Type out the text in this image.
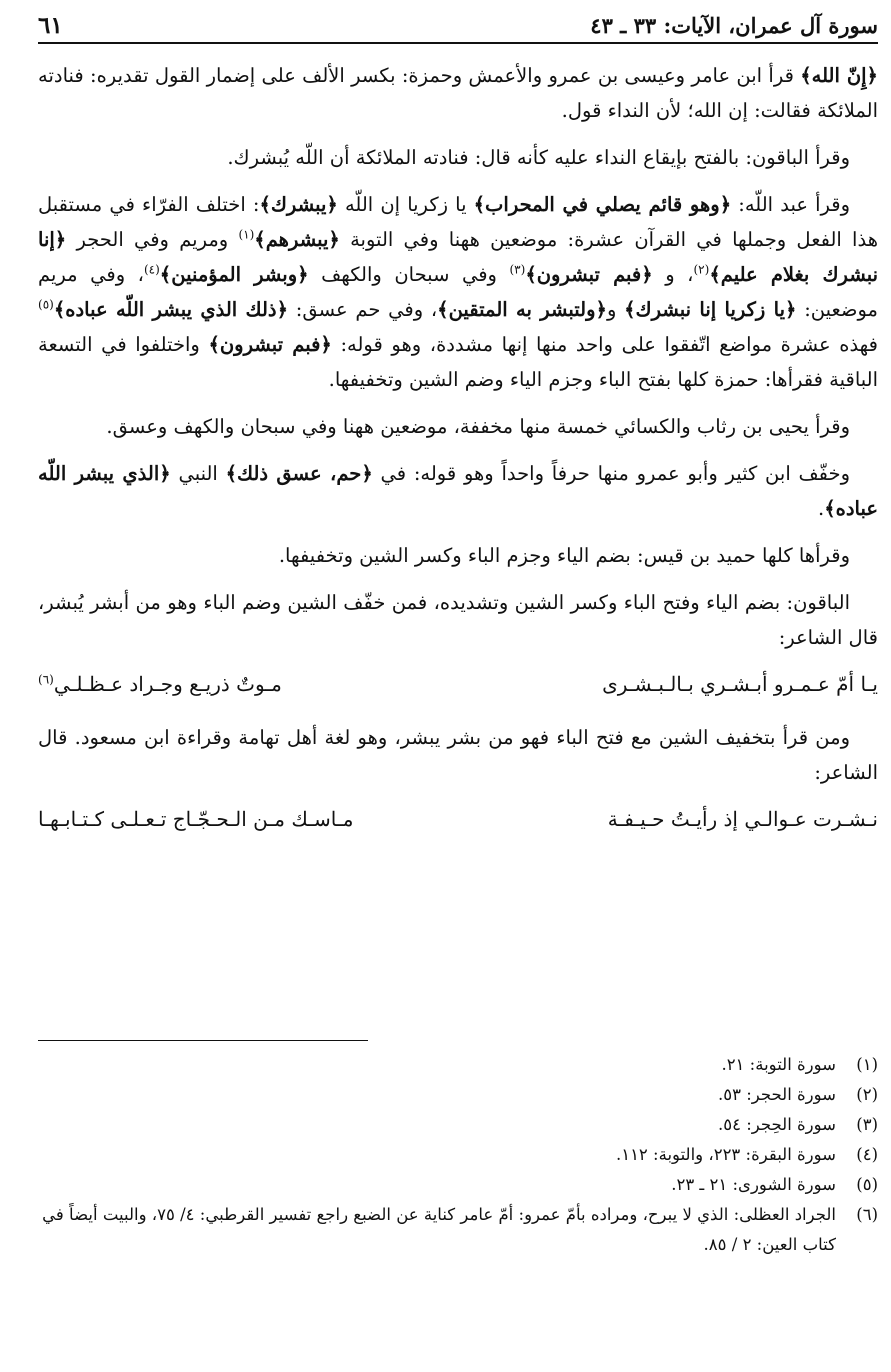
سورة آل عمران، الآيات: ٣٣ ـ ٤٣
٦١

﴿إِنّ الله﴾ قرأ ابن عامر وعيسى بن عمرو والأعمش وحمزة: بكسر الألف على إضمار القول تقديره: فنادته الملائكة فقالت: إن الله؛ لأن النداء قول.

وقرأ الباقون: بالفتح بإيقاع النداء عليه كأنه قال: فنادته الملائكة أن اللّه يُبشرك.

وقرأ عبد اللّه: ﴿وهو قائم يصلي في المحراب﴾ يا زكريا إن اللّه ﴿يبشرك﴾: اختلف الفرّاء في مستقبل هذا الفعل وجملها في القرآن عشرة: موضعين ههنا وفي التوبة ﴿يبشرهم﴾$^{(١)}$ ومريم وفي الحجر ﴿إنا نبشرك بغلام عليم﴾$^{(٢)}$، و ﴿فبم تبشرون﴾$^{(٣)}$ وفي سبحان والكهف ﴿وبشر المؤمنين﴾$^{(٤)}$، وفي مريم موضعين: ﴿يا زكريا إنا نبشرك﴾ و﴿ولتبشر به المتقين﴾، وفي حم عسق: ﴿ذلك الذي يبشر اللّه عباده﴾$^{(٥)}$ فهذه عشرة مواضع اتّفقوا على واحد منها إنها مشددة، وهو قوله: ﴿فبم تبشرون﴾ واختلفوا في التسعة الباقية فقرأها: حمزة كلها بفتح الباء وجزم الياء وضم الشين وتخفيفها.

وقرأ يحيى بن رثاب والكسائي خمسة منها مخففة، موضعين ههنا وفي سبحان والكهف وعسق.

وخفّف ابن كثير وأبو عمرو منها حرفاً واحداً وهو قوله: في ﴿حم، عسق ذلك﴾ النبي ﴿الذي يبشر اللّه عباده﴾.

وقرأها كلها حميد بن قيس: بضم الياء وجزم الباء وكسر الشين وتخفيفها.

الباقون: بضم الياء وفتح الباء وكسر الشين وتشديده، فمن خفّف الشين وضم الباء وهو من أبشر يُبشر، قال الشاعر:

يـا أمّ عـمـرو أبـشـري بـالـبـشـرى
مـوتٌ ذريـع وجـراد عـظـلـي$^{(٦)}$

ومن قرأ بتخفيف الشين مع فتح الباء فهو من بشر يبشر، وهو لغة أهل تهامة وقراءة ابن مسعود. قال الشاعر:

نـشـرت عـوالـي إذ رأيـتُ حـيـفـة
مـاسـك مـن الـحـجّـاج تـعـلـى كـتـابـهـا
(١)
سورة التوبة: ٢١.
(٢)
سورة الحجر: ٥٣.
(٣)
سورة الحِجر: ٥٤.
(٤)
سورة البقرة: ٢٢٣، والتوبة: ١١٢.
(٥)
سورة الشورى: ٢١ ـ ٢٣.
(٦)
الجراد العظلى: الذي لا يبرح، ومراده بأمّ عمرو: أمّ عامر كناية عن الضبع راجع تفسير القرطبي: ٤/ ٧٥، والبيت أيضاً في كتاب العين: ٢ / ٨٥.
